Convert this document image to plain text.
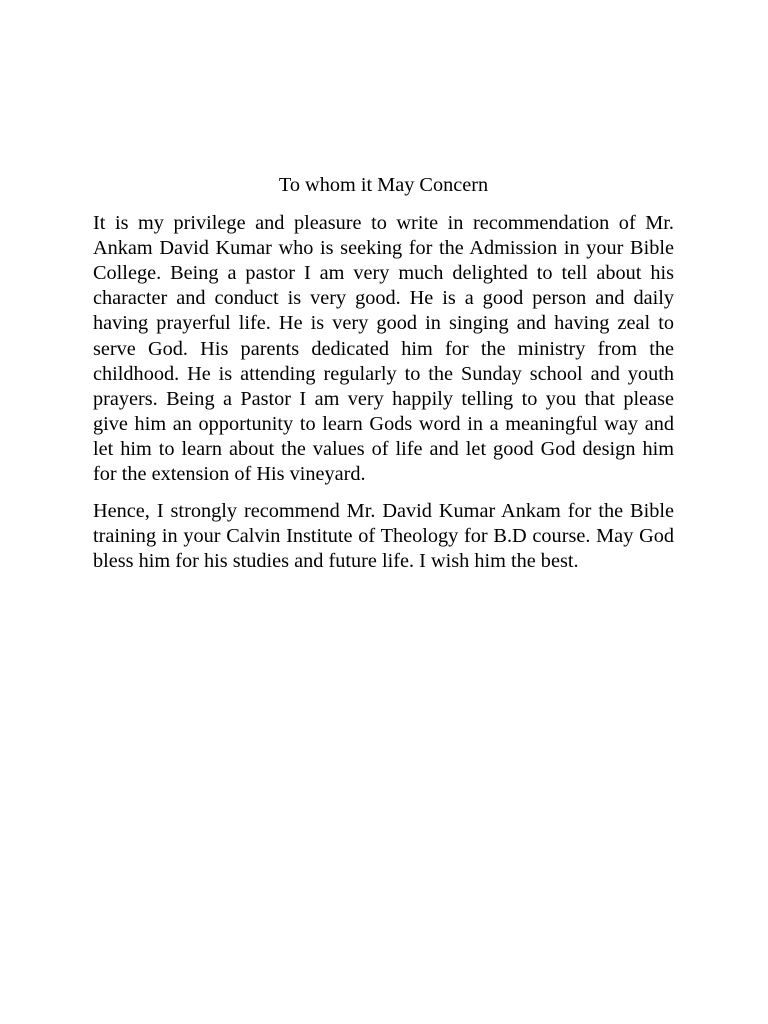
To whom it May Concern

It is my privilege and pleasure to write in recommendation of Mr. Ankam David Kumar who is seeking for the Admission in your Bible College. Being a pastor I am very much delighted to tell about his character and conduct is very good. He is a good person and daily having prayerful life. He is very good in singing and having zeal to serve God. His parents dedicated him for the ministry from the childhood. He is attending regularly to the Sunday school and youth prayers. Being a Pastor I am very happily telling to you that please give him an opportunity to learn Gods word in a meaningful way and let him to learn about the values of life and let good God design him for the extension of His vineyard.

Hence, I strongly recommend Mr. David Kumar Ankam for the Bible training in your Calvin Institute of Theology for B.D course. May God bless him for his studies and future life. I wish him the best.
